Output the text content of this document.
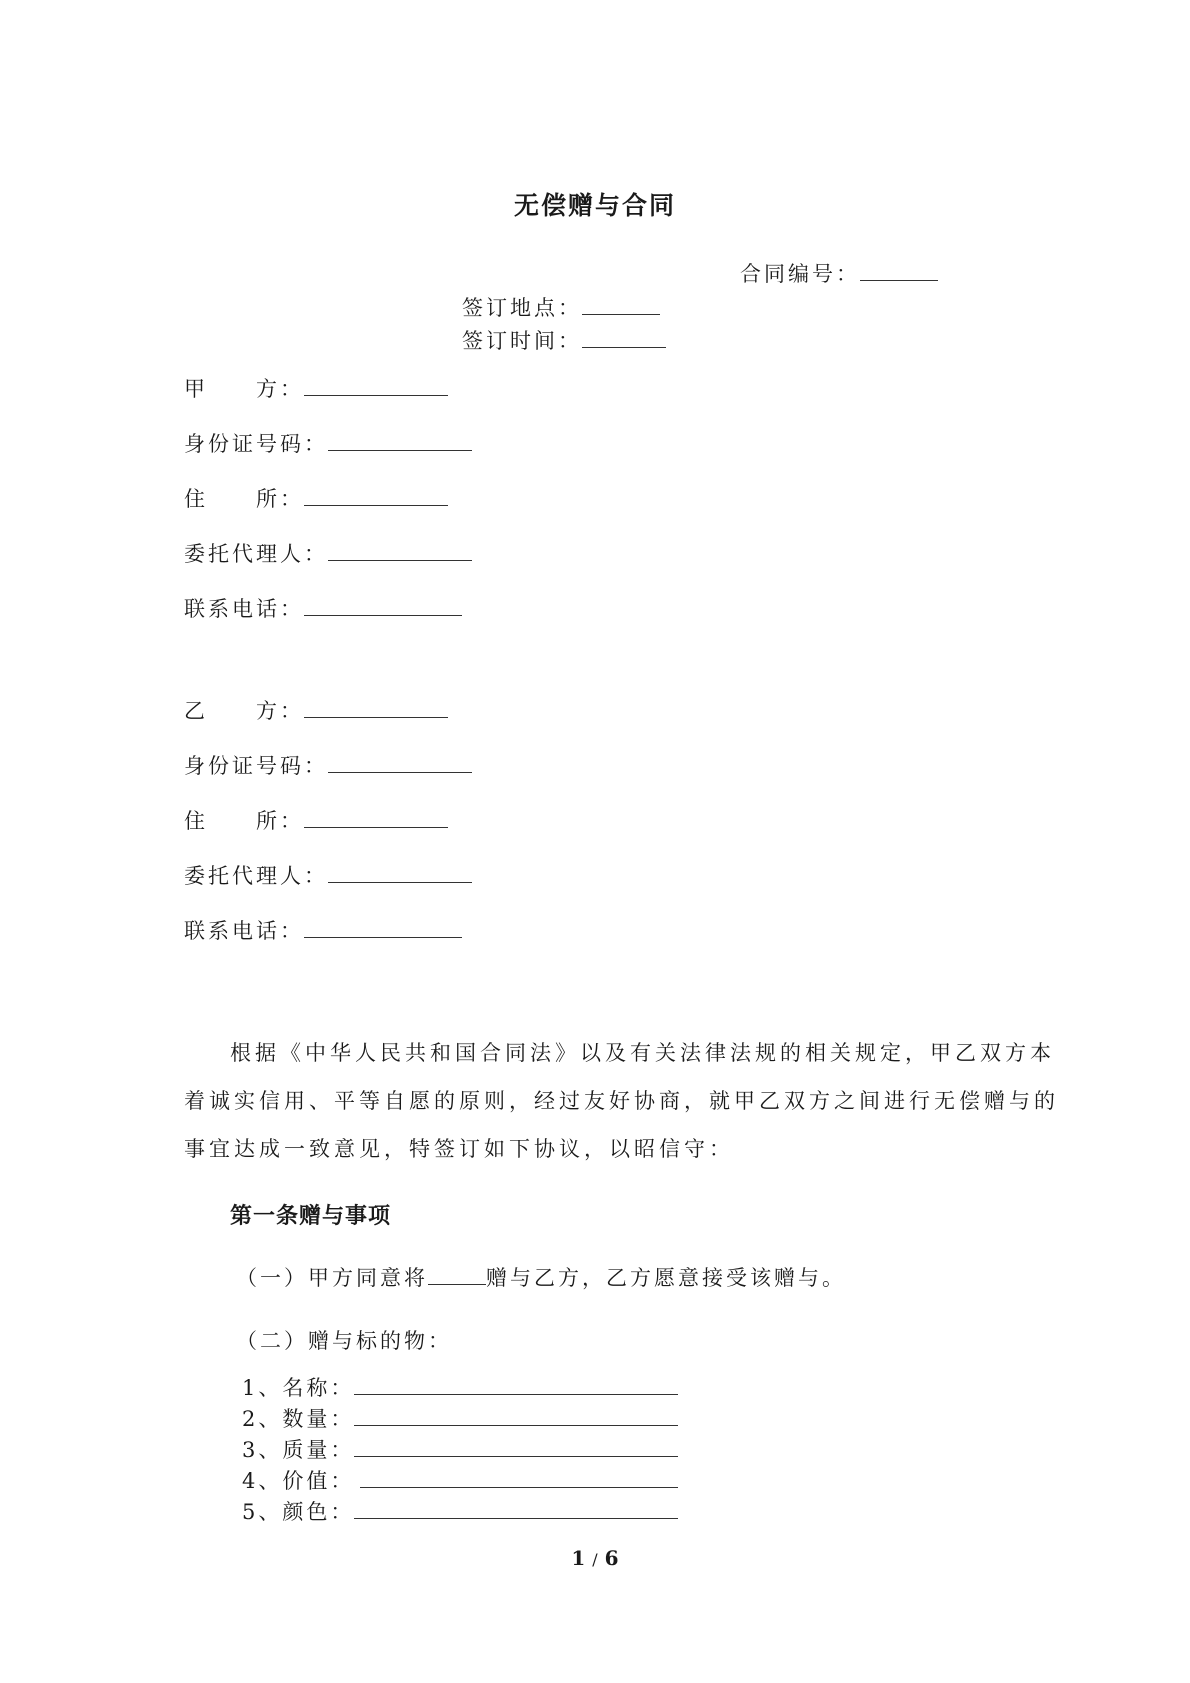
无偿赠与合同
合同编号：
签订地点：
签订时间：
甲　　方：
身份证号码：
住　　所：
委托代理人：
联系电话：
乙　　方：
身份证号码：
住　　所：
委托代理人：
联系电话：
根据《中华人民共和国合同法》以及有关法律法规的相关规定，甲乙双方本
着诚实信用、平等自愿的原则，经过友好协商，就甲乙双方之间进行无偿赠与的
事宜达成一致意见，特签订如下协议，以昭信守：
第一条赠与事项
（一）甲方同意将	赠与乙方，乙方愿意接受该赠与。
（二）赠与标的物：
1、名称：
2、数量：
3、质量：
4、价值：
5、颜色：
1 / 6
